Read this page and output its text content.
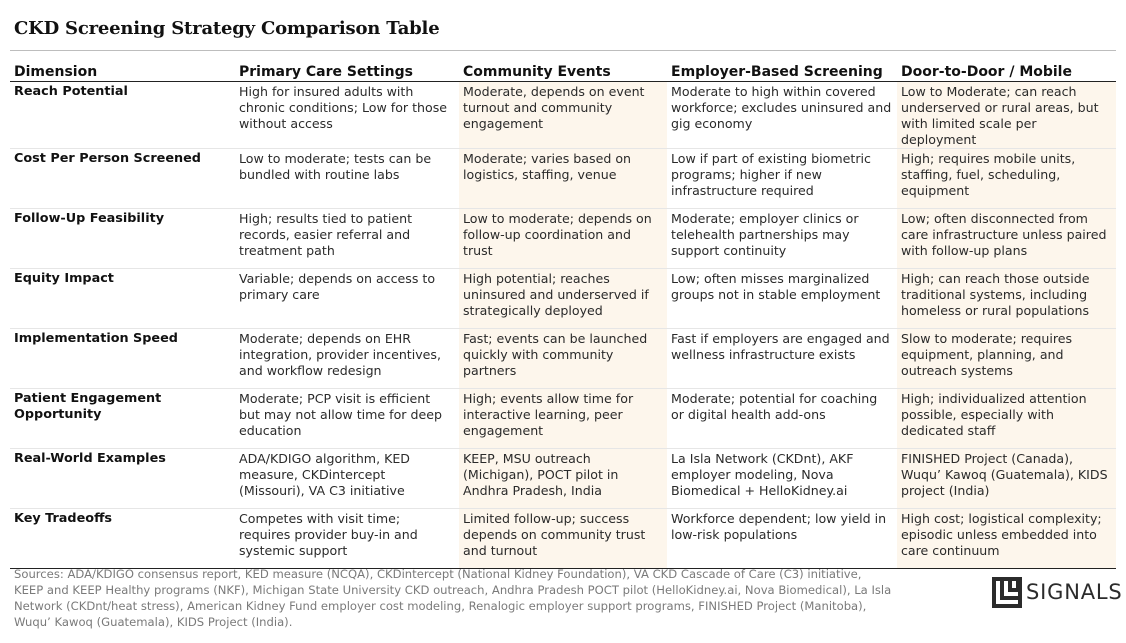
CKD Screening Strategy Comparison Table
Dimension	Primary Care Settings	Community Events	Employer-Based Screening	Door-to-Door / Mobile
Reach Potential	High for insured adults with chronic conditions; Low for those without access	Moderate, depends on event turnout and community engagement	Moderate to high within covered workforce; excludes uninsured and gig economy	Low to Moderate; can reach underserved or rural areas, but with limited scale per deployment
Cost Per Person Screened	Low to moderate; tests can be bundled with routine labs	Moderate; varies based on logistics, staffing, venue	Low if part of existing biometric programs; higher if new infrastructure required	High; requires mobile units, staffing, fuel, scheduling, equipment
Follow-Up Feasibility	High; results tied to patient records, easier referral and treatment path	Low to moderate; depends on follow-up coordination and trust	Moderate; employer clinics or telehealth partnerships may support continuity	Low; often disconnected from care infrastructure unless paired with follow-up plans
Equity Impact	Variable; depends on access to primary care	High potential; reaches uninsured and underserved if strategically deployed	Low; often misses marginalized groups not in stable employment	High; can reach those outside traditional systems, including homeless or rural populations
Implementation Speed	Moderate; depends on EHR integration, provider incentives, and workflow redesign	Fast; events can be launched quickly with community partners	Fast if employers are engaged and wellness infrastructure exists	Slow to moderate; requires equipment, planning, and outreach systems
Patient Engagement Opportunity	Moderate; PCP visit is efficient but may not allow time for deep education	High; events allow time for interactive learning, peer engagement	Moderate; potential for coaching or digital health add-ons	High; individualized attention possible, especially with dedicated staff
Real-World Examples	ADA/KDIGO algorithm, KED measure, CKDintercept (Missouri), VA C3 initiative	KEEP, MSU outreach (Michigan), POCT pilot in Andhra Pradesh, India	La Isla Network (CKDnt), AKF employer modeling, Nova Biomedical + HelloKidney.ai	FINISHED Project (Canada), Wuqu’ Kawoq (Guatemala), KIDS project (India)
Key Tradeoffs	Competes with visit time; requires provider buy-in and systemic support	Limited follow-up; success depends on community trust and turnout	Workforce dependent; low yield in low-risk populations	High cost; logistical complexity; episodic unless embedded into care continuum
Sources: ADA/KDIGO consensus report, KED measure (NCQA), CKDintercept (National Kidney Foundation), VA CKD Cascade of Care (C3) initiative, KEEP and KEEP Healthy programs (NKF), Michigan State University CKD outreach, Andhra Pradesh POCT pilot (HelloKidney.ai, Nova Biomedical), La Isla Network (CKDnt/heat stress), American Kidney Fund employer cost modeling, Renalogic employer support programs, FINISHED Project (Manitoba), Wuqu’ Kawoq (Guatemala), KIDS Project (India).
SIGNALS
